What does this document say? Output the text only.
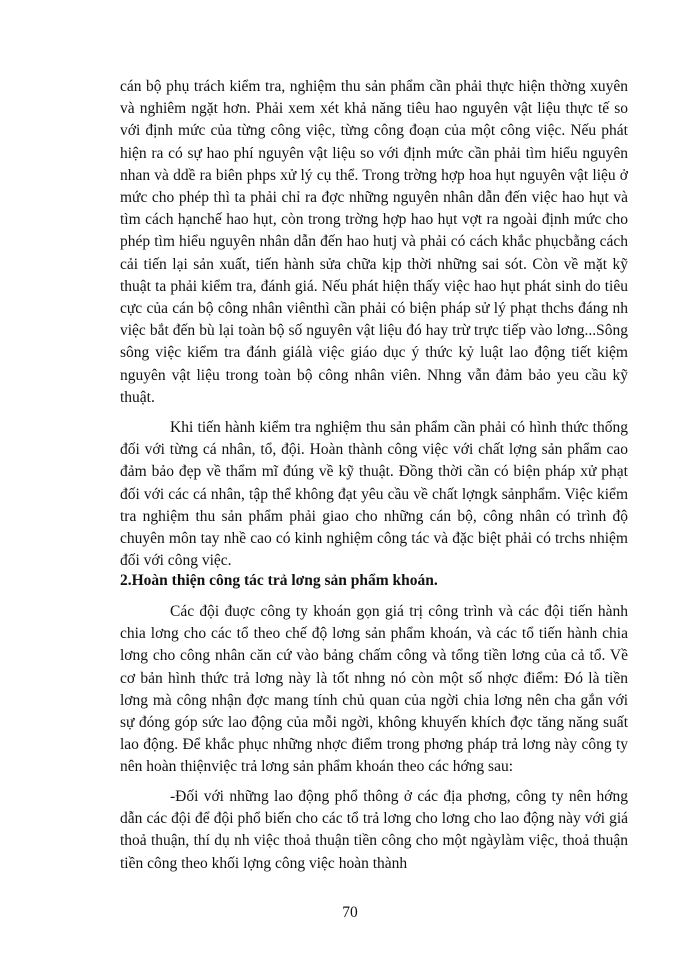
cán bộ phụ trách kiểm tra, nghiệm thu sản phẩm cần phải thực hiện thờng xuyên và nghiêm ngặt hơn. Phải xem xét khả năng tiêu hao nguyên vật liệu thực tế so với định mức của từng công việc, từng công đoạn của một công việc. Nếu phát hiện ra có sự hao phí nguyên vật liệu so với định mức cần phải tìm hiểu nguyên nhan và ddề ra biên phps xử lý cụ thể. Trong trờng hợp hoa hụt nguyên vật liệu ở mức cho phép thì ta phải chỉ ra đợc những nguyên nhân dẫn đến việc hao hụt và tìm cách hạnchế hao hụt, còn trong trờng hợp hao hụt vợt ra ngoài định mức cho phép tìm hiểu nguyên nhân dẫn đến hao hutj và phải có cách khắc phụcbằng cách cải tiến lại sản xuất, tiến hành sửa chữa kịp thời những sai sót. Còn về mặt kỹ thuật ta phải kiểm tra, đánh giá. Nếu phát hiện thấy việc hao hụt phát sinh do tiêu cực của cán bộ công nhân viênthì cần phải có biện pháp sử lý phạt thchs đáng nh việc bắt đến bù lại toàn bộ số nguyên vật liệu đó hay trừ trực tiếp vào lơng...Sông sông việc kiểm tra đánh giálà việc giáo dục ý thức kỷ luật lao động tiết kiệm nguyên vật liệu trong toàn bộ công nhân viên. Nhng vẫn đảm bảo yeu cầu kỹ thuật.

Khi tiến hành kiểm tra nghiệm thu sản phẩm cần phải có hình thức thống đối với từng cá nhân, tổ, đội. Hoàn thành công việc với chất lợng sản phẩm cao đảm bảo đẹp về thẩm mĩ đúng về kỹ thuật. Đồng thời cần có biện pháp xử phạt đối với các cá nhân, tập thể không đạt yêu cầu về chất lợngk sảnphẩm. Việc kiểm tra nghiệm thu sản phẩm phải giao cho những cán bộ, công nhân có trình độ chuyên môn tay nhề cao có kinh nghiệm công tác và đặc biệt phải có trchs nhiệm đối với công việc.

2.Hoàn thiện công tác trả lơng sản phẩm khoán.

Các đội đuợc công ty khoán gọn giá trị công trình và các đội tiến hành chia lơng cho các tổ theo chế độ lơng sản phẩm khoán, và các tổ tiến hành chia lơng cho công nhân căn cứ vào bảng chấm công và tổng tiền lơng của cả tổ. Về cơ bản hình thức trả lơng này là tốt nhng nó còn một số nhợc điểm: Đó là tiền lơng mà công nhận đợc mang tính chủ quan của ngời chia lơng nên cha gắn với sự đóng góp sức lao động của mỗi ngời, không khuyến khích đợc tăng năng suất lao động. Để khắc phục những nhợc điểm trong phơng pháp trả lơng này công ty nên hoàn thiệnviệc trả lơng sản phẩm khoán theo các hớng sau:

-Đối với những lao động phổ thông ở các địa phơng, công ty nên hớng dẫn các đội để đội phổ biến cho các tổ trả lơng cho lơng cho lao động này với giá thoả thuận, thí dụ nh việc thoả thuận tiền công cho một ngàylàm việc, thoả thuận tiền công theo khối lợng công việc hoàn thành

70
